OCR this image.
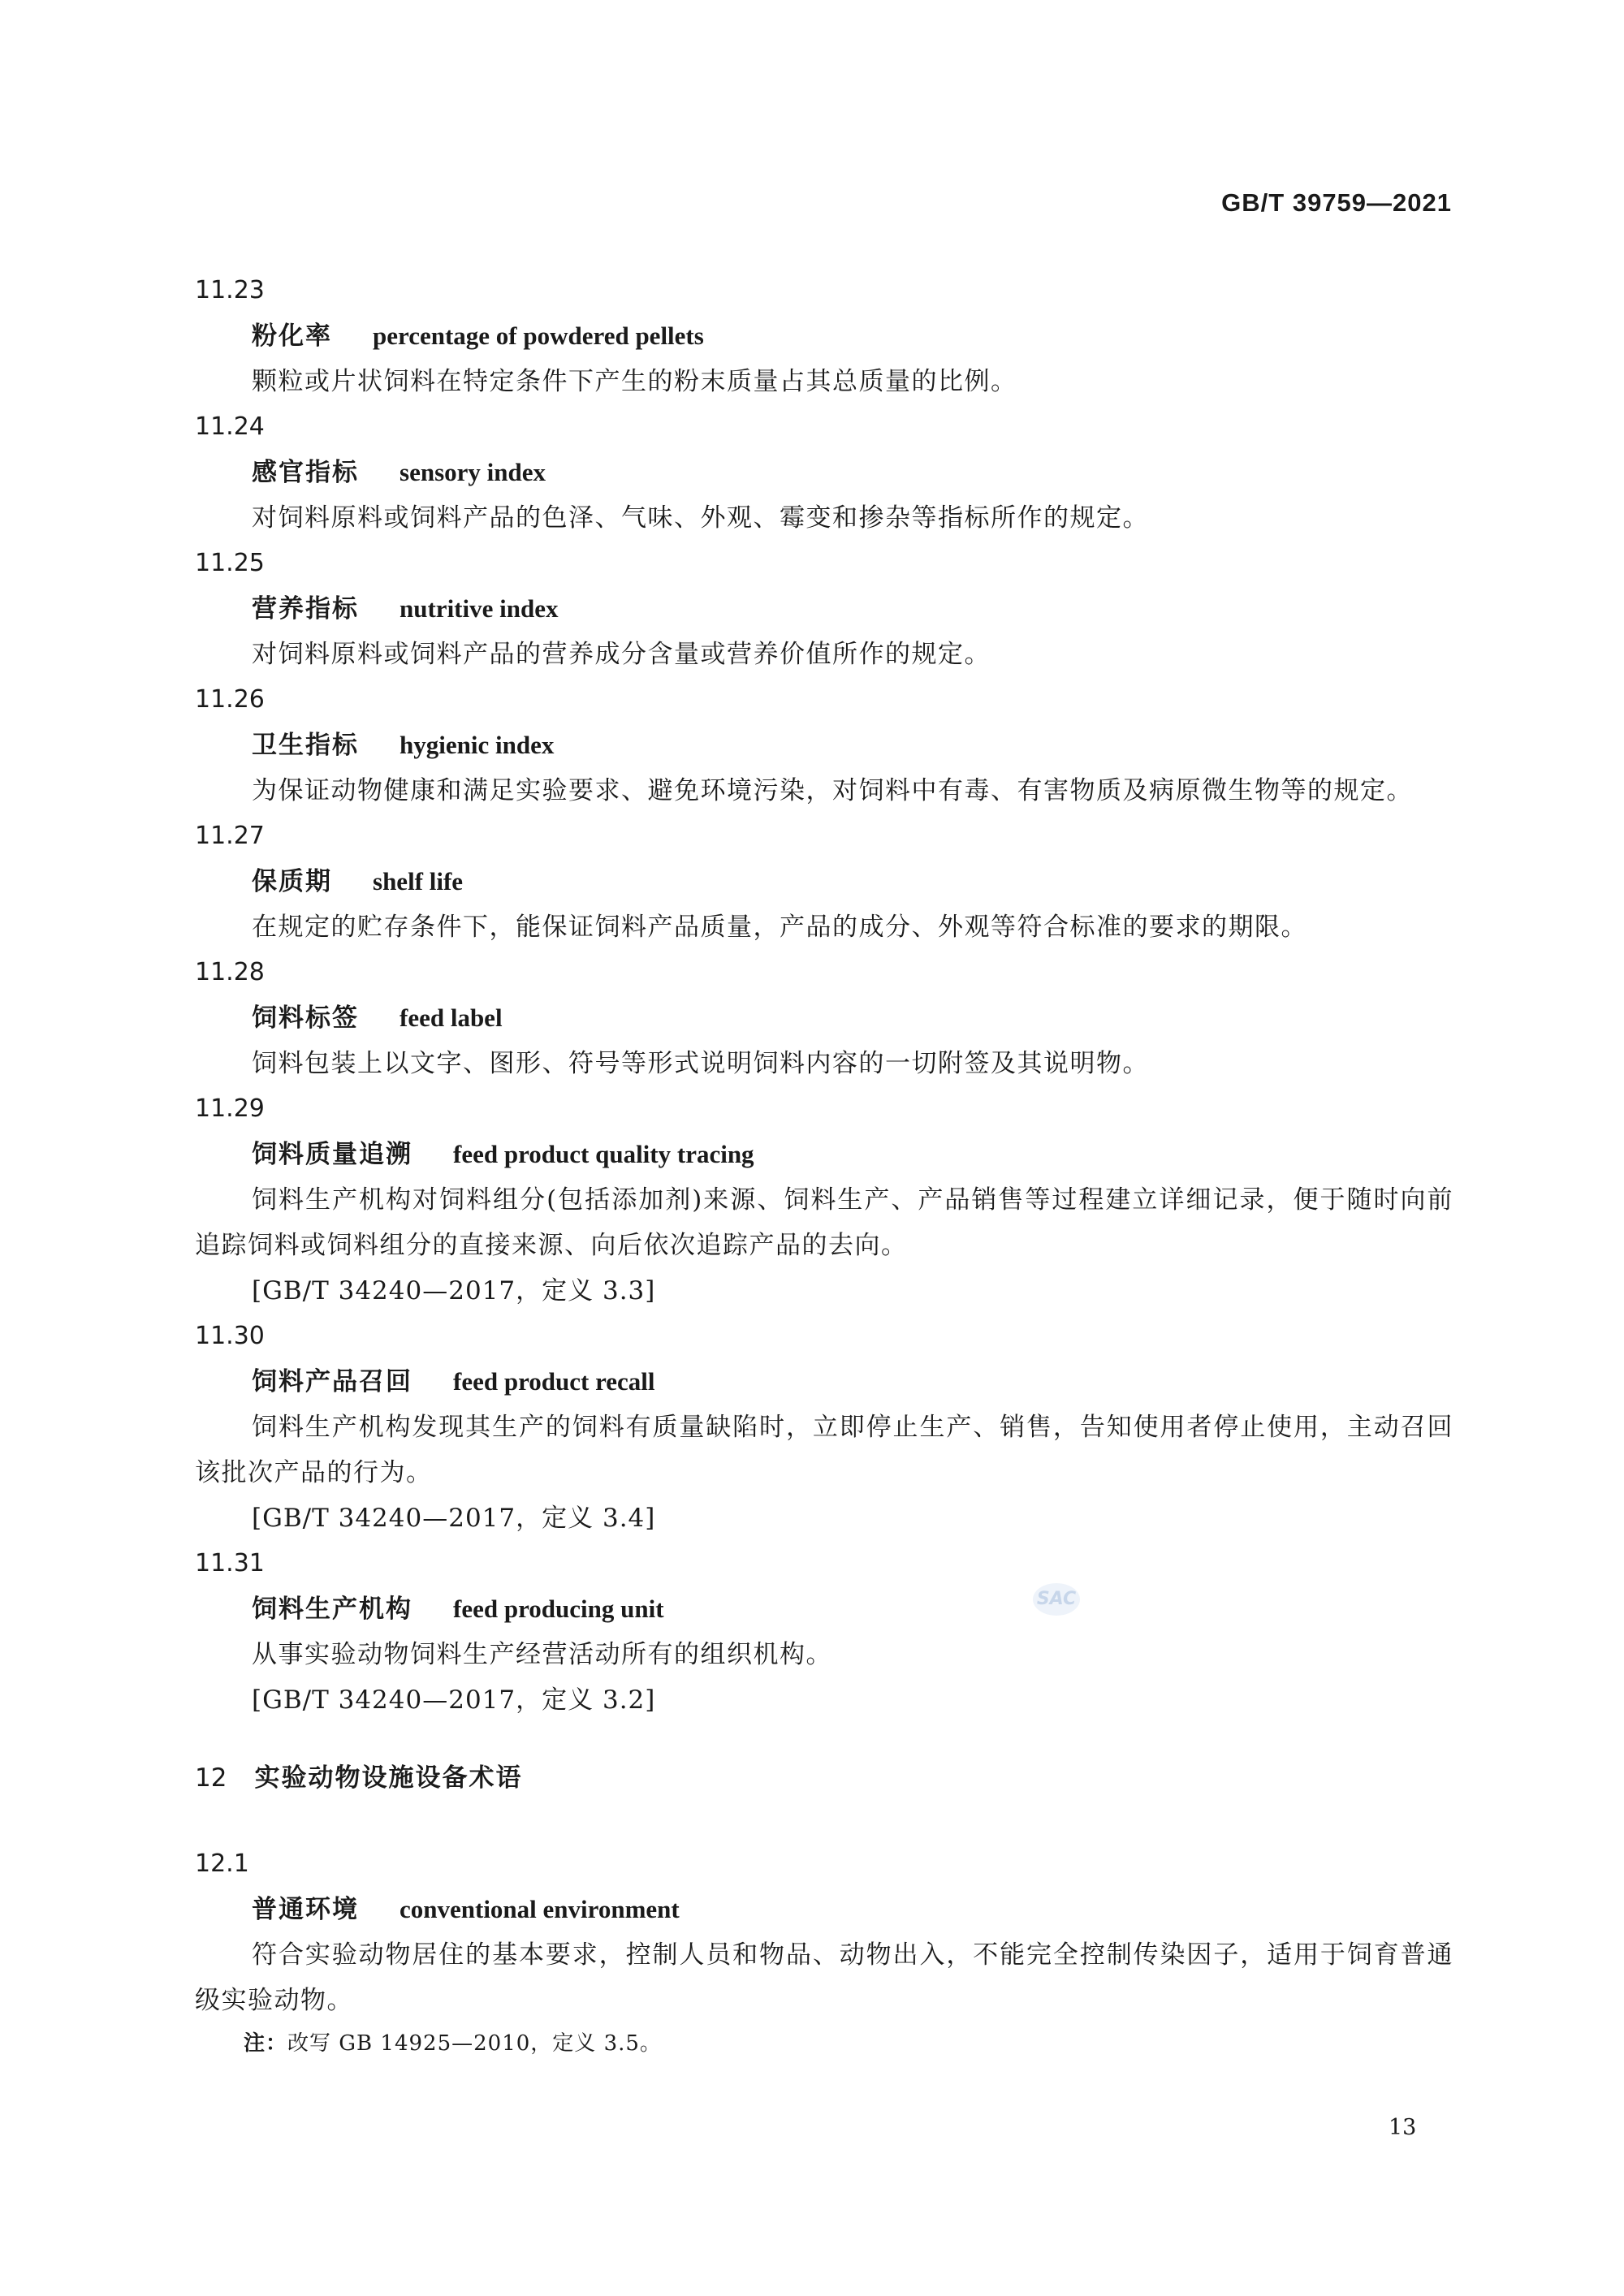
GB/T 39759—2021
11.23
粉化率 percentage of powdered pellets
颗粒或片状饲料在特定条件下产生的粉末质量占其总质量的比例。
11.24
感官指标 sensory index
对饲料原料或饲料产品的色泽、气味、外观、霉变和掺杂等指标所作的规定。
11.25
营养指标 nutritive index
对饲料原料或饲料产品的营养成分含量或营养价值所作的规定。
11.26
卫生指标 hygienic index
为保证动物健康和满足实验要求、避免环境污染，对饲料中有毒、有害物质及病原微生物等的规定。
11.27
保质期 shelf life
在规定的贮存条件下，能保证饲料产品质量，产品的成分、外观等符合标准的要求的期限。
11.28
饲料标签 feed label
饲料包装上以文字、图形、符号等形式说明饲料内容的一切附签及其说明物。
11.29
饲料质量追溯 feed product quality tracing
饲料生产机构对饲料组分(包括添加剂)来源、饲料生产、产品销售等过程建立详细记录，便于随时向前追踪饲料或饲料组分的直接来源、向后依次追踪产品的去向。
[GB/T 34240—2017，定义 3.3]
11.30
饲料产品召回 feed product recall
饲料生产机构发现其生产的饲料有质量缺陷时，立即停止生产、销售，告知使用者停止使用，主动召回该批次产品的行为。
[GB/T 34240—2017，定义 3.4]
11.31
饲料生产机构 feed producing unit
从事实验动物饲料生产经营活动所有的组织机构。
[GB/T 34240—2017，定义 3.2]
12 实验动物设施设备术语
12.1
普通环境 conventional environment
符合实验动物居住的基本要求，控制人员和物品、动物出入，不能完全控制传染因子，适用于饲育普通级实验动物。
注：改写 GB 14925—2010，定义 3.5。
SAC
13
